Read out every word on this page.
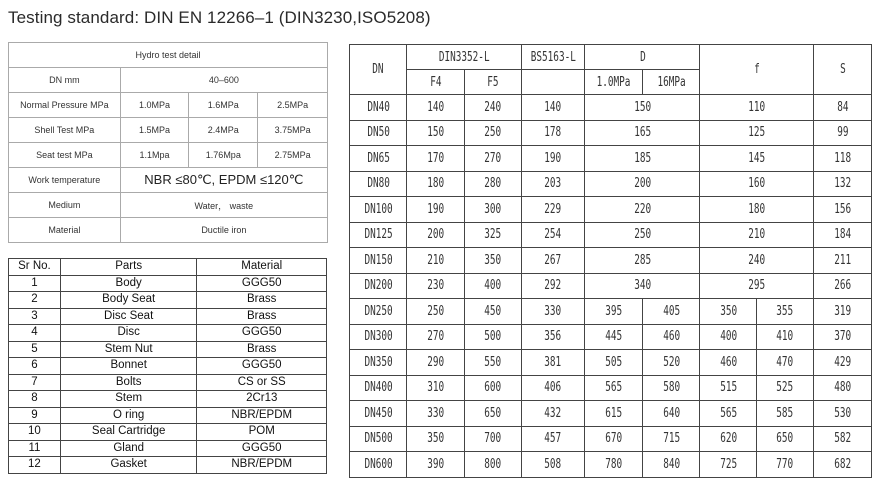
Testing standard: DIN EN 12266–1 (DIN3230,ISO5208)
Hydro test detail			
DN mm	40–600		
Normal Pressure MPa	1.0MPa	1.6MPa	2.5MPa
Shell Test MPa	1.5MPa	2.4MPa	3.75MPa
Seat test MPa	1.1Mpa	1.76Mpa	2.75MPa
Work temperature	NBR ≤80℃, EPDM ≤120℃		
Medium	Water， waste		
Material	Ductile iron		
Sr No.	Parts	Material
1	Body	GGG50
2	Body Seat	Brass
3	Disc Seat	Brass
4	Disc	GGG50
5	Stem Nut	Brass
6	Bonnet	GGG50
7	Bolts	CS or SS
8	Stem	2Cr13
9	O ring	NBR/EPDM
10	Seal Cartridge	POM
11	Gland	GGG50
12	Gasket	NBR/EPDM
DN	DIN3352-L		BS5163-L	D		f		S
	F4	F5		1.0MPa	16MPa			
DN40	140	240	140	150		110		84
DN50	150	250	178	165		125		99
DN65	170	270	190	185		145		118
DN80	180	280	203	200		160		132
DN100	190	300	229	220		180		156
DN125	200	325	254	250		210		184
DN150	210	350	267	285		240		211
DN200	230	400	292	340		295		266
DN250	250	450	330	395	405	350	355	319
DN300	270	500	356	445	460	400	410	370
DN350	290	550	381	505	520	460	470	429
DN400	310	600	406	565	580	515	525	480
DN450	330	650	432	615	640	565	585	530
DN500	350	700	457	670	715	620	650	582
DN600	390	800	508	780	840	725	770	682
